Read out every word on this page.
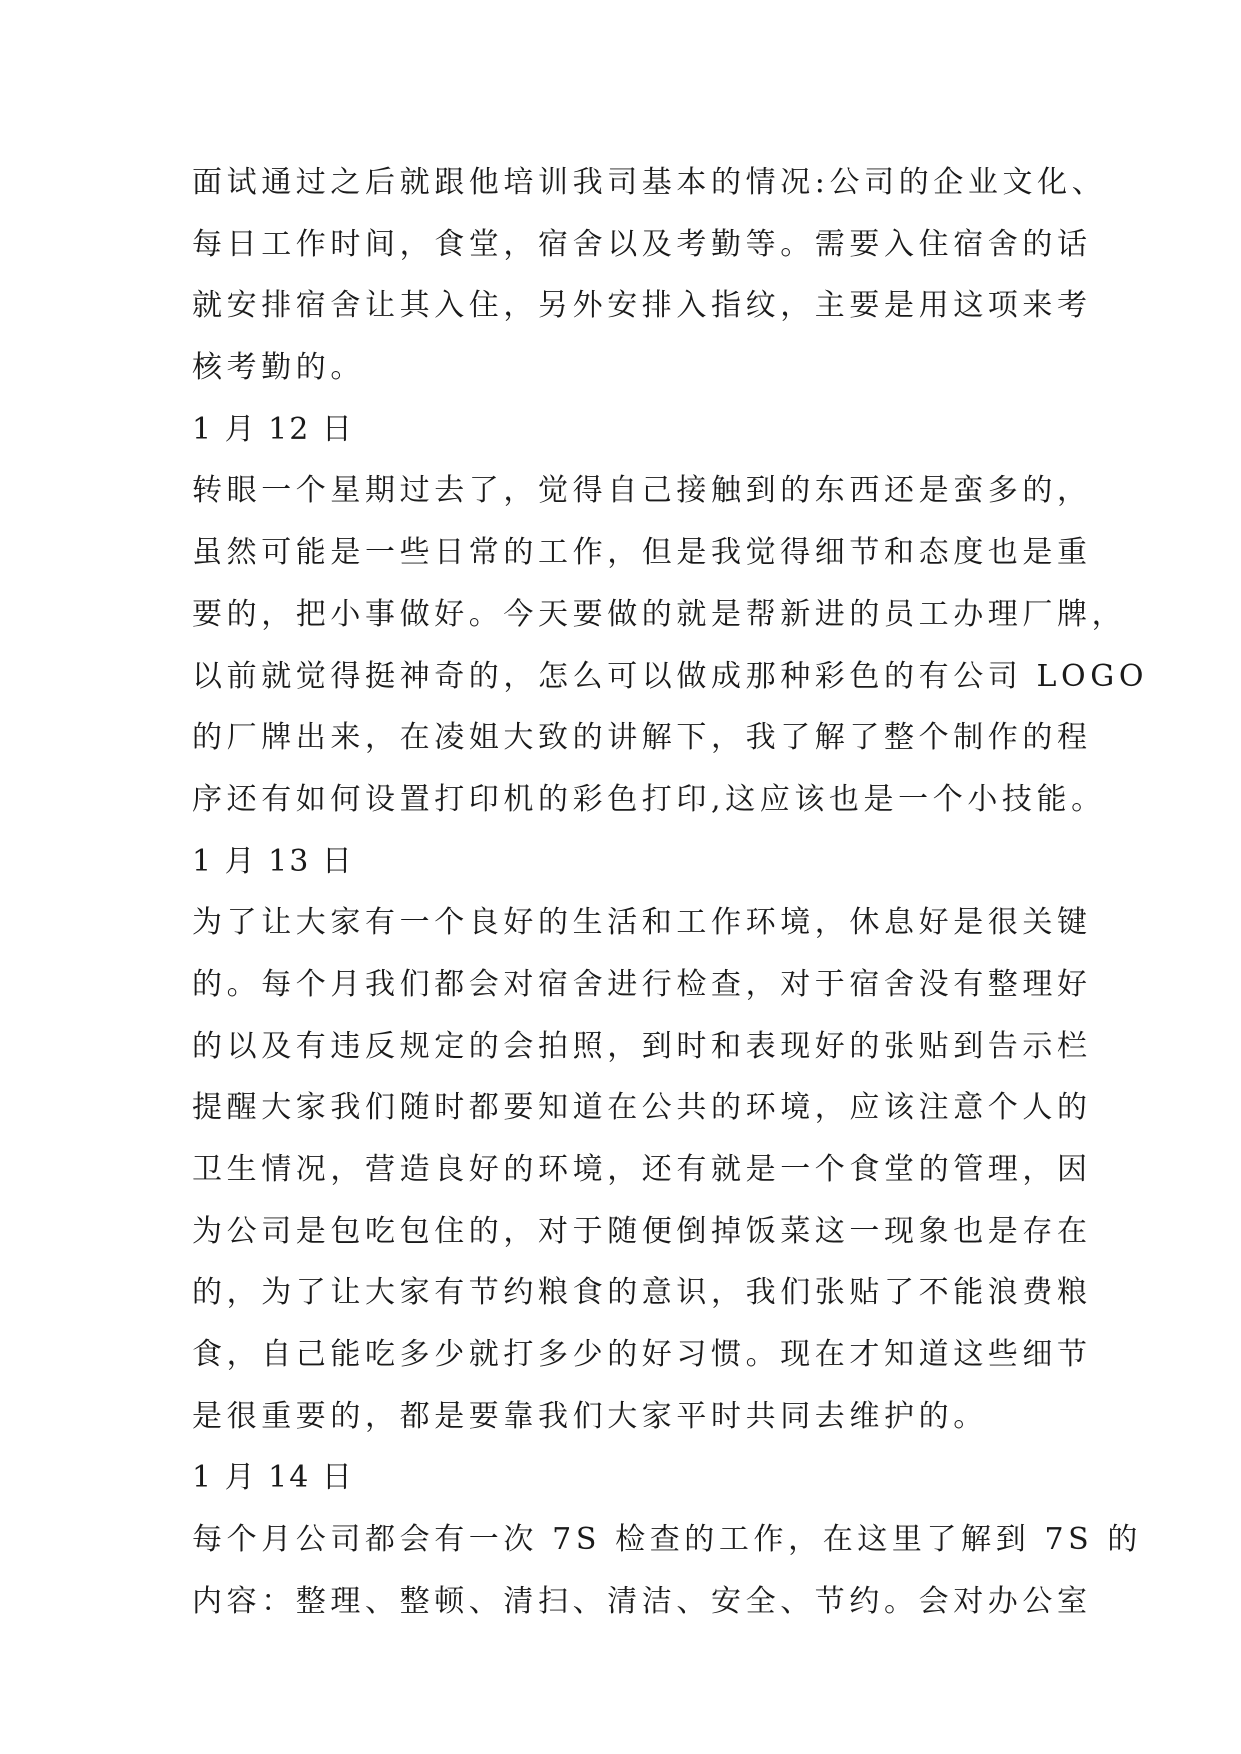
面试通过之后就跟他培训我司基本的情况:公司的企业文化、
每日工作时间，食堂，宿舍以及考勤等。需要入住宿舍的话
就安排宿舍让其入住，另外安排入指纹，主要是用这项来考
核考勤的。
1 月 12 日
转眼一个星期过去了，觉得自己接触到的东西还是蛮多的，
虽然可能是一些日常的工作，但是我觉得细节和态度也是重
要的，把小事做好。今天要做的就是帮新进的员工办理厂牌，
以前就觉得挺神奇的，怎么可以做成那种彩色的有公司 LOGO
的厂牌出来，在凌姐大致的讲解下，我了解了整个制作的程
序还有如何设置打印机的彩色打印,这应该也是一个小技能。
1 月 13 日
为了让大家有一个良好的生活和工作环境，休息好是很关键
的。每个月我们都会对宿舍进行检查，对于宿舍没有整理好
的以及有违反规定的会拍照，到时和表现好的张贴到告示栏
提醒大家我们随时都要知道在公共的环境，应该注意个人的
卫生情况，营造良好的环境，还有就是一个食堂的管理，因
为公司是包吃包住的，对于随便倒掉饭菜这一现象也是存在
的，为了让大家有节约粮食的意识，我们张贴了不能浪费粮
食，自己能吃多少就打多少的好习惯。现在才知道这些细节
是很重要的，都是要靠我们大家平时共同去维护的。
1 月 14 日
每个月公司都会有一次 7S 检查的工作，在这里了解到 7S 的
内容：整理、整顿、清扫、清洁、安全、节约。会对办公室
